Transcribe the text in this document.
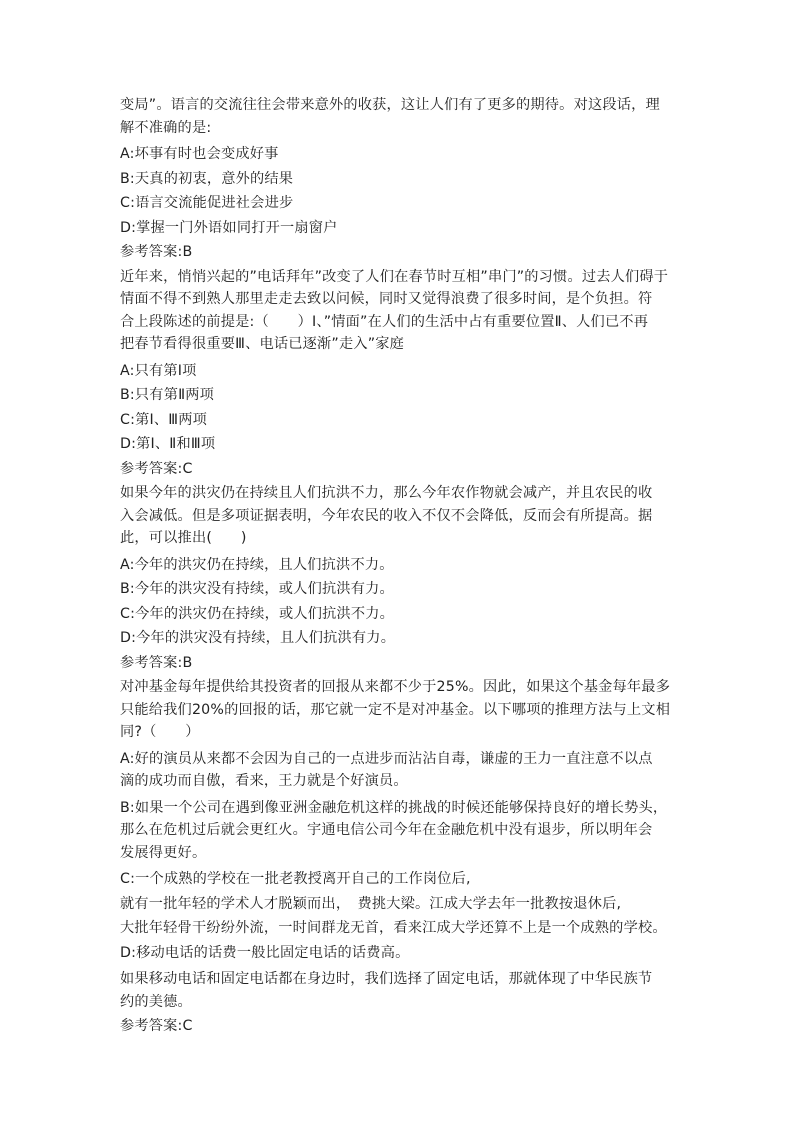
变局”。语言的交流往往会带来意外的收获，这让人们有了更多的期待。对这段话，理
解不准确的是:
A:坏事有时也会变成好事
B:天真的初衷，意外的结果
C:语言交流能促进社会进步
D:掌握一门外语如同打开一扇窗户
参考答案:B
近年来，悄悄兴起的”电话拜年”改变了人们在春节时互相”串门”的习惯。过去人们碍于
情面不得不到熟人那里走走去致以问候，同时又觉得浪费了很多时间，是个负担。符
合上段陈述的前提是:（　　）Ⅰ、”情面”在人们的生活中占有重要位置Ⅱ、人们已不再
把春节看得很重要Ⅲ、电话已逐渐”走入”家庭
A:只有第Ⅰ项
B:只有第Ⅱ两项
C:第Ⅰ、Ⅲ两项
D:第Ⅰ、Ⅱ和Ⅲ项
参考答案:C
如果今年的洪灾仍在持续且人们抗洪不力，那么今年农作物就会减产，并且农民的收
入会减低。但是多项证据表明，今年农民的收入不仅不会降低，反而会有所提高。据
此，可以推出(　　)
A:今年的洪灾仍在持续，且人们抗洪不力。
B:今年的洪灾没有持续，或人们抗洪有力。
C:今年的洪灾仍在持续，或人们抗洪不力。
D:今年的洪灾没有持续，且人们抗洪有力。
参考答案:B
对冲基金每年提供给其投资者的回报从来都不少于25%。因此，如果这个基金每年最多
只能给我们20%的回报的话，那它就一定不是对冲基金。以下哪项的推理方法与上文相
同?（　　）
A:好的演员从来都不会因为自己的一点进步而沾沾自毒，谦虚的王力一直注意不以点
滴的成功而自傲，看来，王力就是个好演员。
B:如果一个公司在遇到像亚洲金融危机这样的挑战的时候还能够保持良好的增长势头，
那么在危机过后就会更红火。宇通电信公司今年在金融危机中没有退步，所以明年会
发展得更好。
C:一个成熟的学校在一批老教授离开自己的工作岗位后,
就有一批年轻的学术人才脱颖而出，　费挑大梁。江成大学去年一批教按退休后,
大批年轻骨干纷纷外流，一时间群龙无首，看来江成大学还算不上是一个成熟的学校。
D:移动电话的话费一般比固定电话的话费高。
如果移动电话和固定电话都在身边时，我们选择了固定电话，那就体现了中华民族节
约的美德。
参考答案:C
